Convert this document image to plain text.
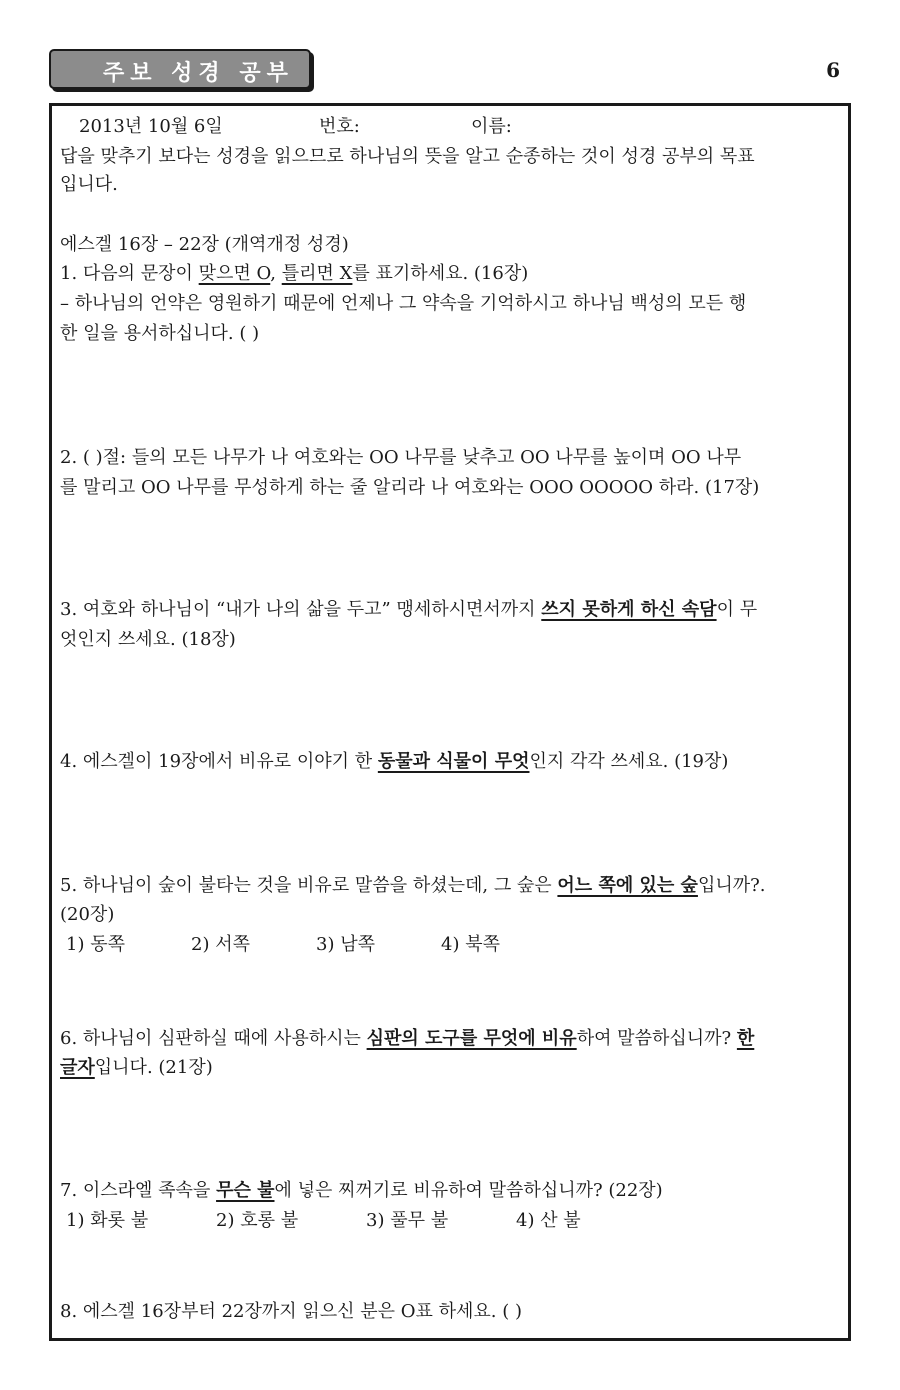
주보 성경 공부	6
2013년 10월 6일	번호:	이름:
답을 맞추기 보다는 성경을 읽으므로 하나님의 뜻을 알고 순종하는 것이 성경 공부의 목표
입니다.
에스겔 16장 – 22장 (개역개정 성경)
1. 다음의 문장이 맞으면 O, 틀리면 X를 표기하세요. (16장)
– 하나님의 언약은 영원하기 때문에 언제나 그 약속을 기억하시고 하나님 백성의 모든 행
한 일을 용서하십니다. ( )
2. ( )절: 들의 모든 나무가 나 여호와는 OO 나무를 낮추고 OO 나무를 높이며 OO 나무
를 말리고 OO 나무를 무성하게 하는 줄 알리라 나 여호와는 OOO OOOOO 하라. (17장)
3. 여호와 하나님이 “내가 나의 삶을 두고” 맹세하시면서까지 쓰지 못하게 하신 속담이 무
엇인지 쓰세요. (18장)
4. 에스겔이 19장에서 비유로 이야기 한 동물과 식물이 무엇인지 각각 쓰세요. (19장)
5. 하나님이 숲이 불타는 것을 비유로 말씀을 하셨는데, 그 숲은 어느 쪽에 있는 숲입니까?.
(20장)
1) 동쪽	2) 서쪽	3) 남쪽	4) 북쪽
6. 하나님이 심판하실 때에 사용하시는 심판의 도구를 무엇에 비유하여 말씀하십니까? 한
글자입니다. (21장)
7. 이스라엘 족속을 무슨 불에 넣은 찌꺼기로 비유하여 말씀하십니까? (22장)
1) 화롯 불	2) 호롱 불	3) 풀무 불	4) 산 불
8. 에스겔 16장부터 22장까지 읽으신 분은 O표 하세요. ( )
